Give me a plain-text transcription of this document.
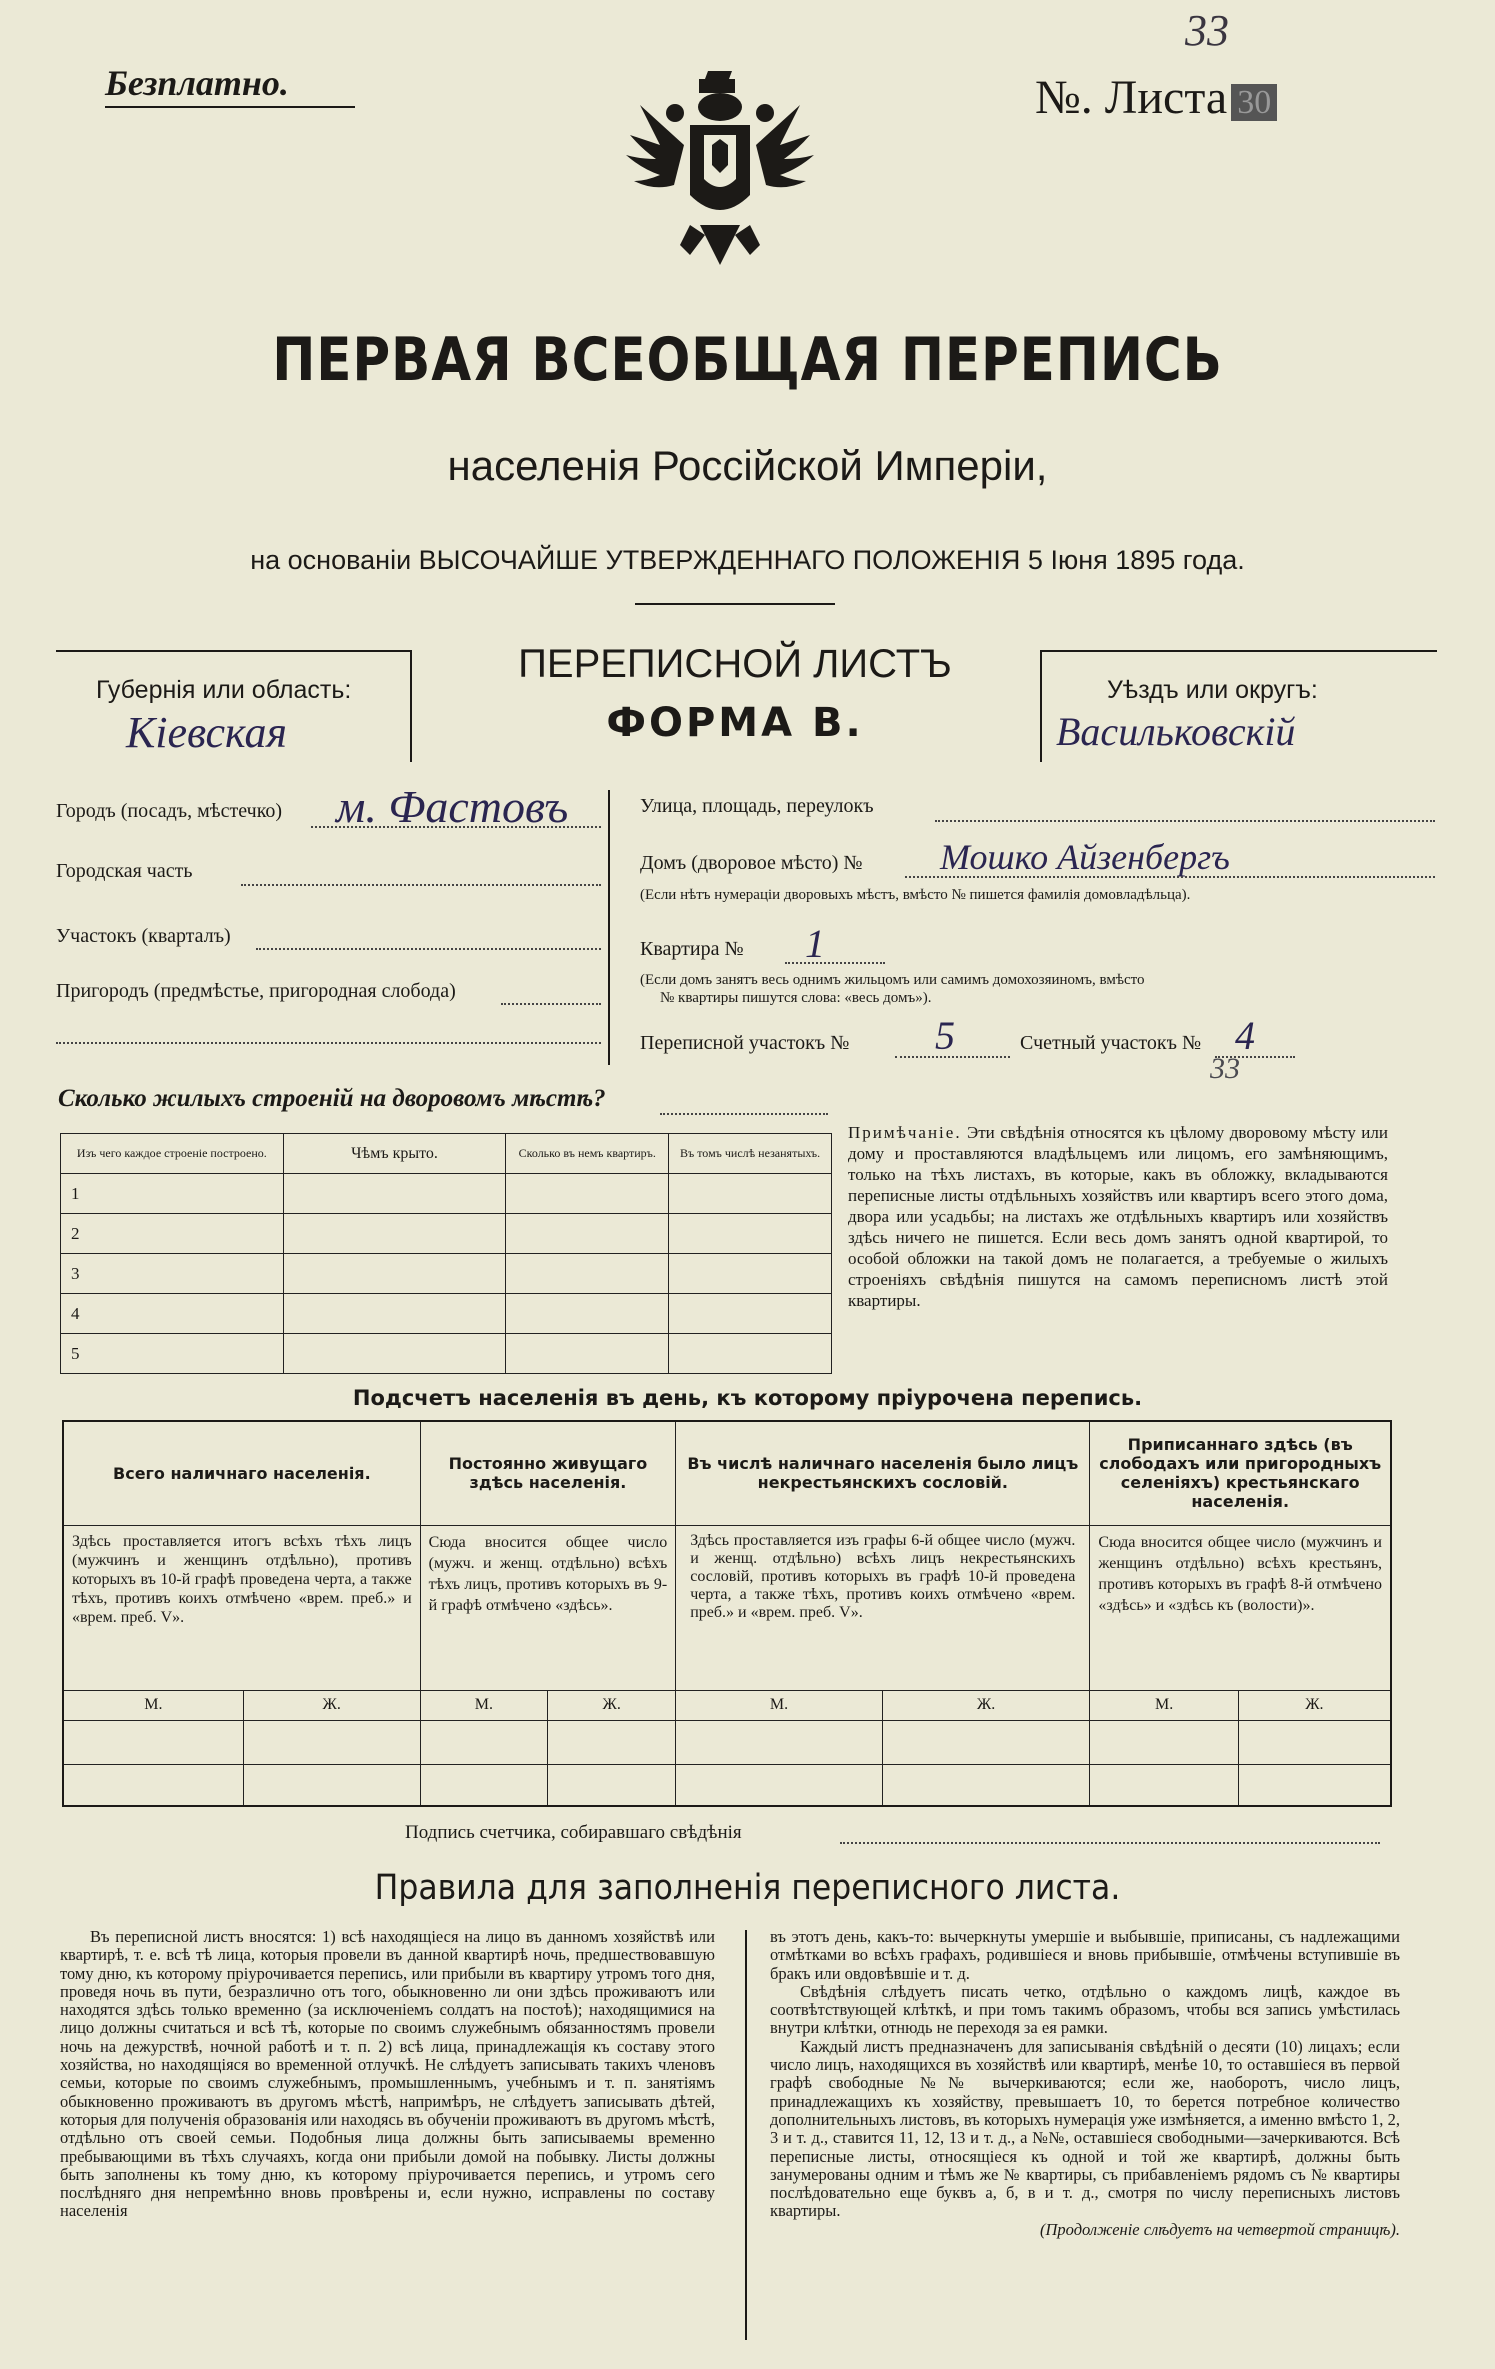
33
Безплатно.	№. Листа 30
ПЕРВАЯ ВСЕОБЩАЯ ПЕРЕПИСЬ
населенія Россійской Имперіи,
на основаніи ВЫСОЧАЙШЕ УТВЕРЖДЕННАГО ПОЛОЖЕНІЯ 5 Іюня 1895 года.
Губернія или область:
Кіевская
ПЕРЕПИСНОЙ ЛИСТЪ
ФОРМА В.
Уѣздъ или округъ:
Васильковскій
Городъ (посадъ, мѣстечко) м. Фастовъ
Городская часть
Участокъ (кварталъ)
Пригородъ (предмѣстье, пригородная слобода)
Улица, площадь, переулокъ
Домъ (дворовое мѣсто) № Мошко Айзенбергъ
(Если нѣтъ нумераціи дворовыхъ мѣстъ, вмѣсто № пишется фамилія домовладѣльца).
Квартира № 1
(Если домъ занятъ весь однимъ жильцомъ или самимъ домохозяиномъ, вмѣсто
№ квартиры пишутся слова: «весь домъ»).
Переписной участокъ № 5	Счетный участокъ № 4
33
Сколько жилыхъ строеній на дворовомъ мѣстѣ?
Изъ чего каждое строеніе построено.	Чѣмъ крыто.	Сколько въ немъ квартиръ.	Въ томъ числѣ незанятыхъ.
1			
2			
3			
4			
5			
Примѣчаніе. Эти свѣдѣнія относятся къ цѣлому дворовому мѣсту или дому и проставляются владѣльцемъ или лицомъ, его замѣняющимъ, только на тѣхъ листахъ, въ которые, какъ въ обложку, вкладываются переписные листы отдѣльныхъ хозяйствъ или квартиръ всего этого дома, двора или усадьбы; на листахъ же отдѣльныхъ квартиръ или хозяйствъ здѣсь ничего не пишется. Если весь домъ занятъ одной квартирой, то особой обложки на такой домъ не полагается, а требуемые о жилыхъ строеніяхъ свѣдѣнія пишутся на самомъ переписномъ листѣ этой квартиры.
Подсчетъ населенія въ день, къ которому пріурочена перепись.
Всего наличнаго населенія.		Постоянно живущаго здѣсь населенія.		Въ числѣ наличнаго населенія было лицъ некрестьянскихъ сословій.		Приписаннаго здѣсь (въ слободахъ или пригородныхъ селеніяхъ) крестьянскаго населенія.	
Здѣсь проставляется итогъ всѣхъ тѣхъ лицъ (мужчинъ и женщинъ отдѣльно), противъ которыхъ въ 10-й графѣ проведена черта, а также тѣхъ, противъ коихъ отмѣчено «врем. преб.» и «врем. преб. V».		Сюда вносится общее число (мужч. и женщ. отдѣльно) всѣхъ тѣхъ лицъ, противъ которыхъ въ 9-й графѣ отмѣчено «здѣсь».		Здѣсь проставляется изъ графы 6-й общее число (мужч. и женщ. отдѣльно) всѣхъ лицъ некрестьянскихъ сословій, противъ которыхъ въ графѣ 10-й проведена черта, а также тѣхъ, противъ коихъ отмѣчено «врем. преб.» и «врем. преб. V».		Сюда вносится общее число (мужчинъ и женщинъ отдѣльно) всѣхъ крестьянъ, противъ которыхъ въ графѣ 8-й отмѣчено «здѣсь» и «здѣсь къ (волости)».	
М.	Ж.	М.	Ж.	М.	Ж.	М.	Ж.

Подпись счетчика, собиравшаго свѣдѣнія
Правила для заполненія переписного листа.
Въ переписной листъ вносятся: 1) всѣ находящіеся на лицо въ данномъ хозяйствѣ или квартирѣ, т. е. всѣ тѣ лица, которыя провели въ данной квартирѣ ночь, предшествовавшую тому дню, къ которому пріурочивается перепись, или прибыли въ квартиру утромъ того дня, проведя ночь въ пути, безразлично отъ того, обыкновенно ли они здѣсь проживаютъ или находятся здѣсь только временно (за исключеніемъ солдатъ на постоѣ); находящимися на лицо должны считаться и всѣ тѣ, которые по своимъ служебнымъ обязанностямъ провели ночь на дежурствѣ, ночной работѣ и т. п. 2) всѣ лица, принадлежащія къ составу этого хозяйства, но находящіяся во временной отлучкѣ. Не слѣдуетъ записывать такихъ членовъ семьи, которые по своимъ служебнымъ, промышленнымъ, учебнымъ и т. п. занятіямъ обыкновенно проживаютъ въ другомъ мѣстѣ, напримѣръ, не слѣдуетъ записывать дѣтей, которыя для полученія образованія или находясь въ обученіи проживаютъ въ другомъ мѣстѣ, отдѣльно отъ своей семьи. Подобныя лица должны быть записываемы временно пребывающими въ тѣхъ случаяхъ, когда они прибыли домой на побывку. Листы должны быть заполнены къ тому дню, къ которому пріурочивается перепись, и утромъ сего послѣдняго дня непремѣнно вновь провѣрены и, если нужно, исправлены по составу населенія
въ этотъ день, какъ-то: вычеркнуты умершіе и выбывшіе, приписаны, съ надлежащими отмѣтками во всѣхъ графахъ, родившіеся и вновь прибывшіе, отмѣчены вступившіе въ бракъ или овдовѣвшіе и т. д.
Свѣдѣнія слѣдуетъ писать четко, отдѣльно о каждомъ лицѣ, каждое въ соотвѣтствующей клѣткѣ, и при томъ такимъ образомъ, чтобы вся запись умѣстилась внутри клѣтки, отнюдь не переходя за ея рамки.
Каждый листъ предназначенъ для записыванія свѣдѣній о десяти (10) лицахъ; если число лицъ, находящихся въ хозяйствѣ или квартирѣ, менѣе 10, то оставшіеся въ первой графѣ свободные №№ вычеркиваются; если же, наоборотъ, число лицъ, принадлежащихъ къ хозяйству, превышаетъ 10, то берется потребное количество дополнительныхъ листовъ, въ которыхъ нумерація уже измѣняется, а именно вмѣсто 1, 2, 3 и т. д., ставится 11, 12, 13 и т. д., а №№, оставшіеся свободными—зачеркиваются. Всѣ переписные листы, относящіеся къ одной и той же квартирѣ, должны быть занумерованы одним и тѣмъ же № квартиры, съ прибавленіемъ рядомъ съ № квартиры послѣдовательно еще буквъ а, б, в и т. д., смотря по числу переписныхъ листовъ квартиры.
(Продолженіе слѣдуетъ на четвертой страницѣ).
